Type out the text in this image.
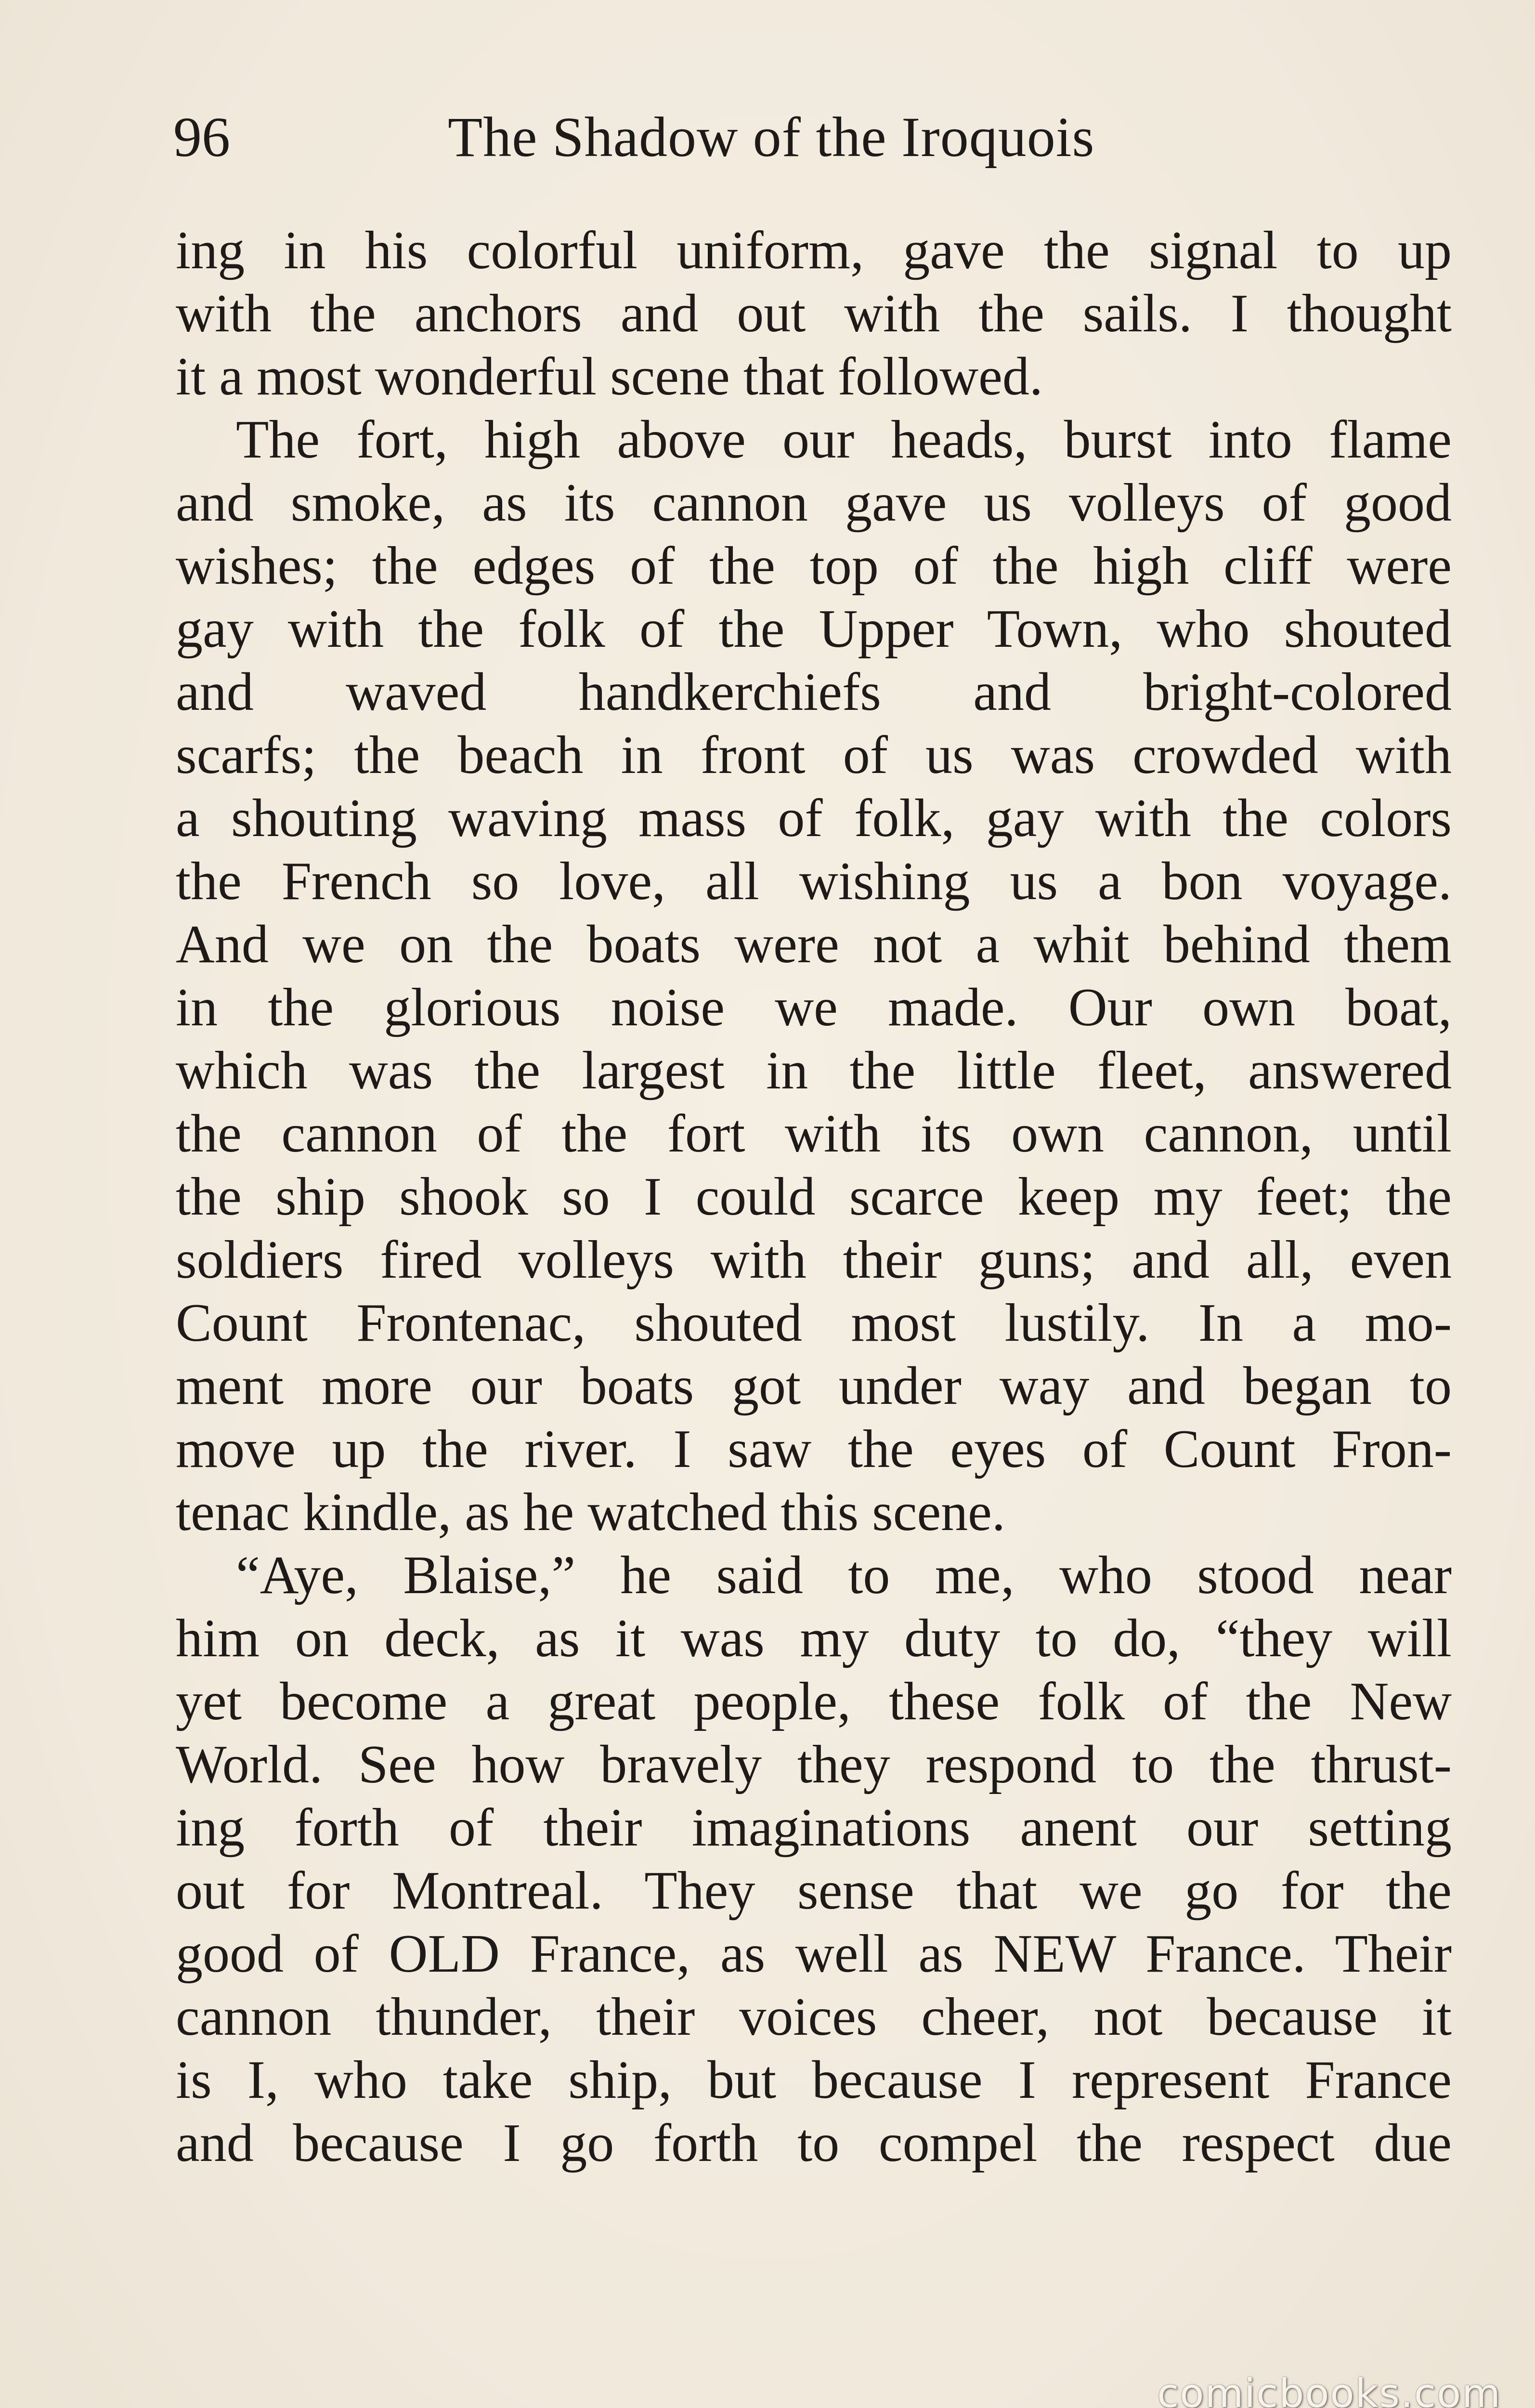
96	The Shadow of the Iroquois
ing in his colorful uniform, gave the signal to up
with the anchors and out with the sails. I thought
it a most wonderful scene that followed.
The fort, high above our heads, burst into flame
and smoke, as its cannon gave us volleys of good
wishes; the edges of the top of the high cliff were
gay with the folk of the Upper Town, who shouted
and waved handkerchiefs and bright-colored
scarfs; the beach in front of us was crowded with
a shouting waving mass of folk, gay with the colors
the French so love, all wishing us a bon voyage.
And we on the boats were not a whit behind them
in the glorious noise we made. Our own boat,
which was the largest in the little fleet, answered
the cannon of the fort with its own cannon, until
the ship shook so I could scarce keep my feet; the
soldiers fired volleys with their guns; and all, even
Count Frontenac, shouted most lustily. In a mo-
ment more our boats got under way and began to
move up the river. I saw the eyes of Count Fron-
tenac kindle, as he watched this scene.
“Aye, Blaise,” he said to me, who stood near
him on deck, as it was my duty to do, “they will
yet become a great people, these folk of the New
World. See how bravely they respond to the thrust-
ing forth of their imaginations anent our setting
out for Montreal. They sense that we go for the
good of OLD France, as well as NEW France. Their
cannon thunder, their voices cheer, not because it
is I, who take ship, but because I represent France
and because I go forth to compel the respect due
comicbooks.com
